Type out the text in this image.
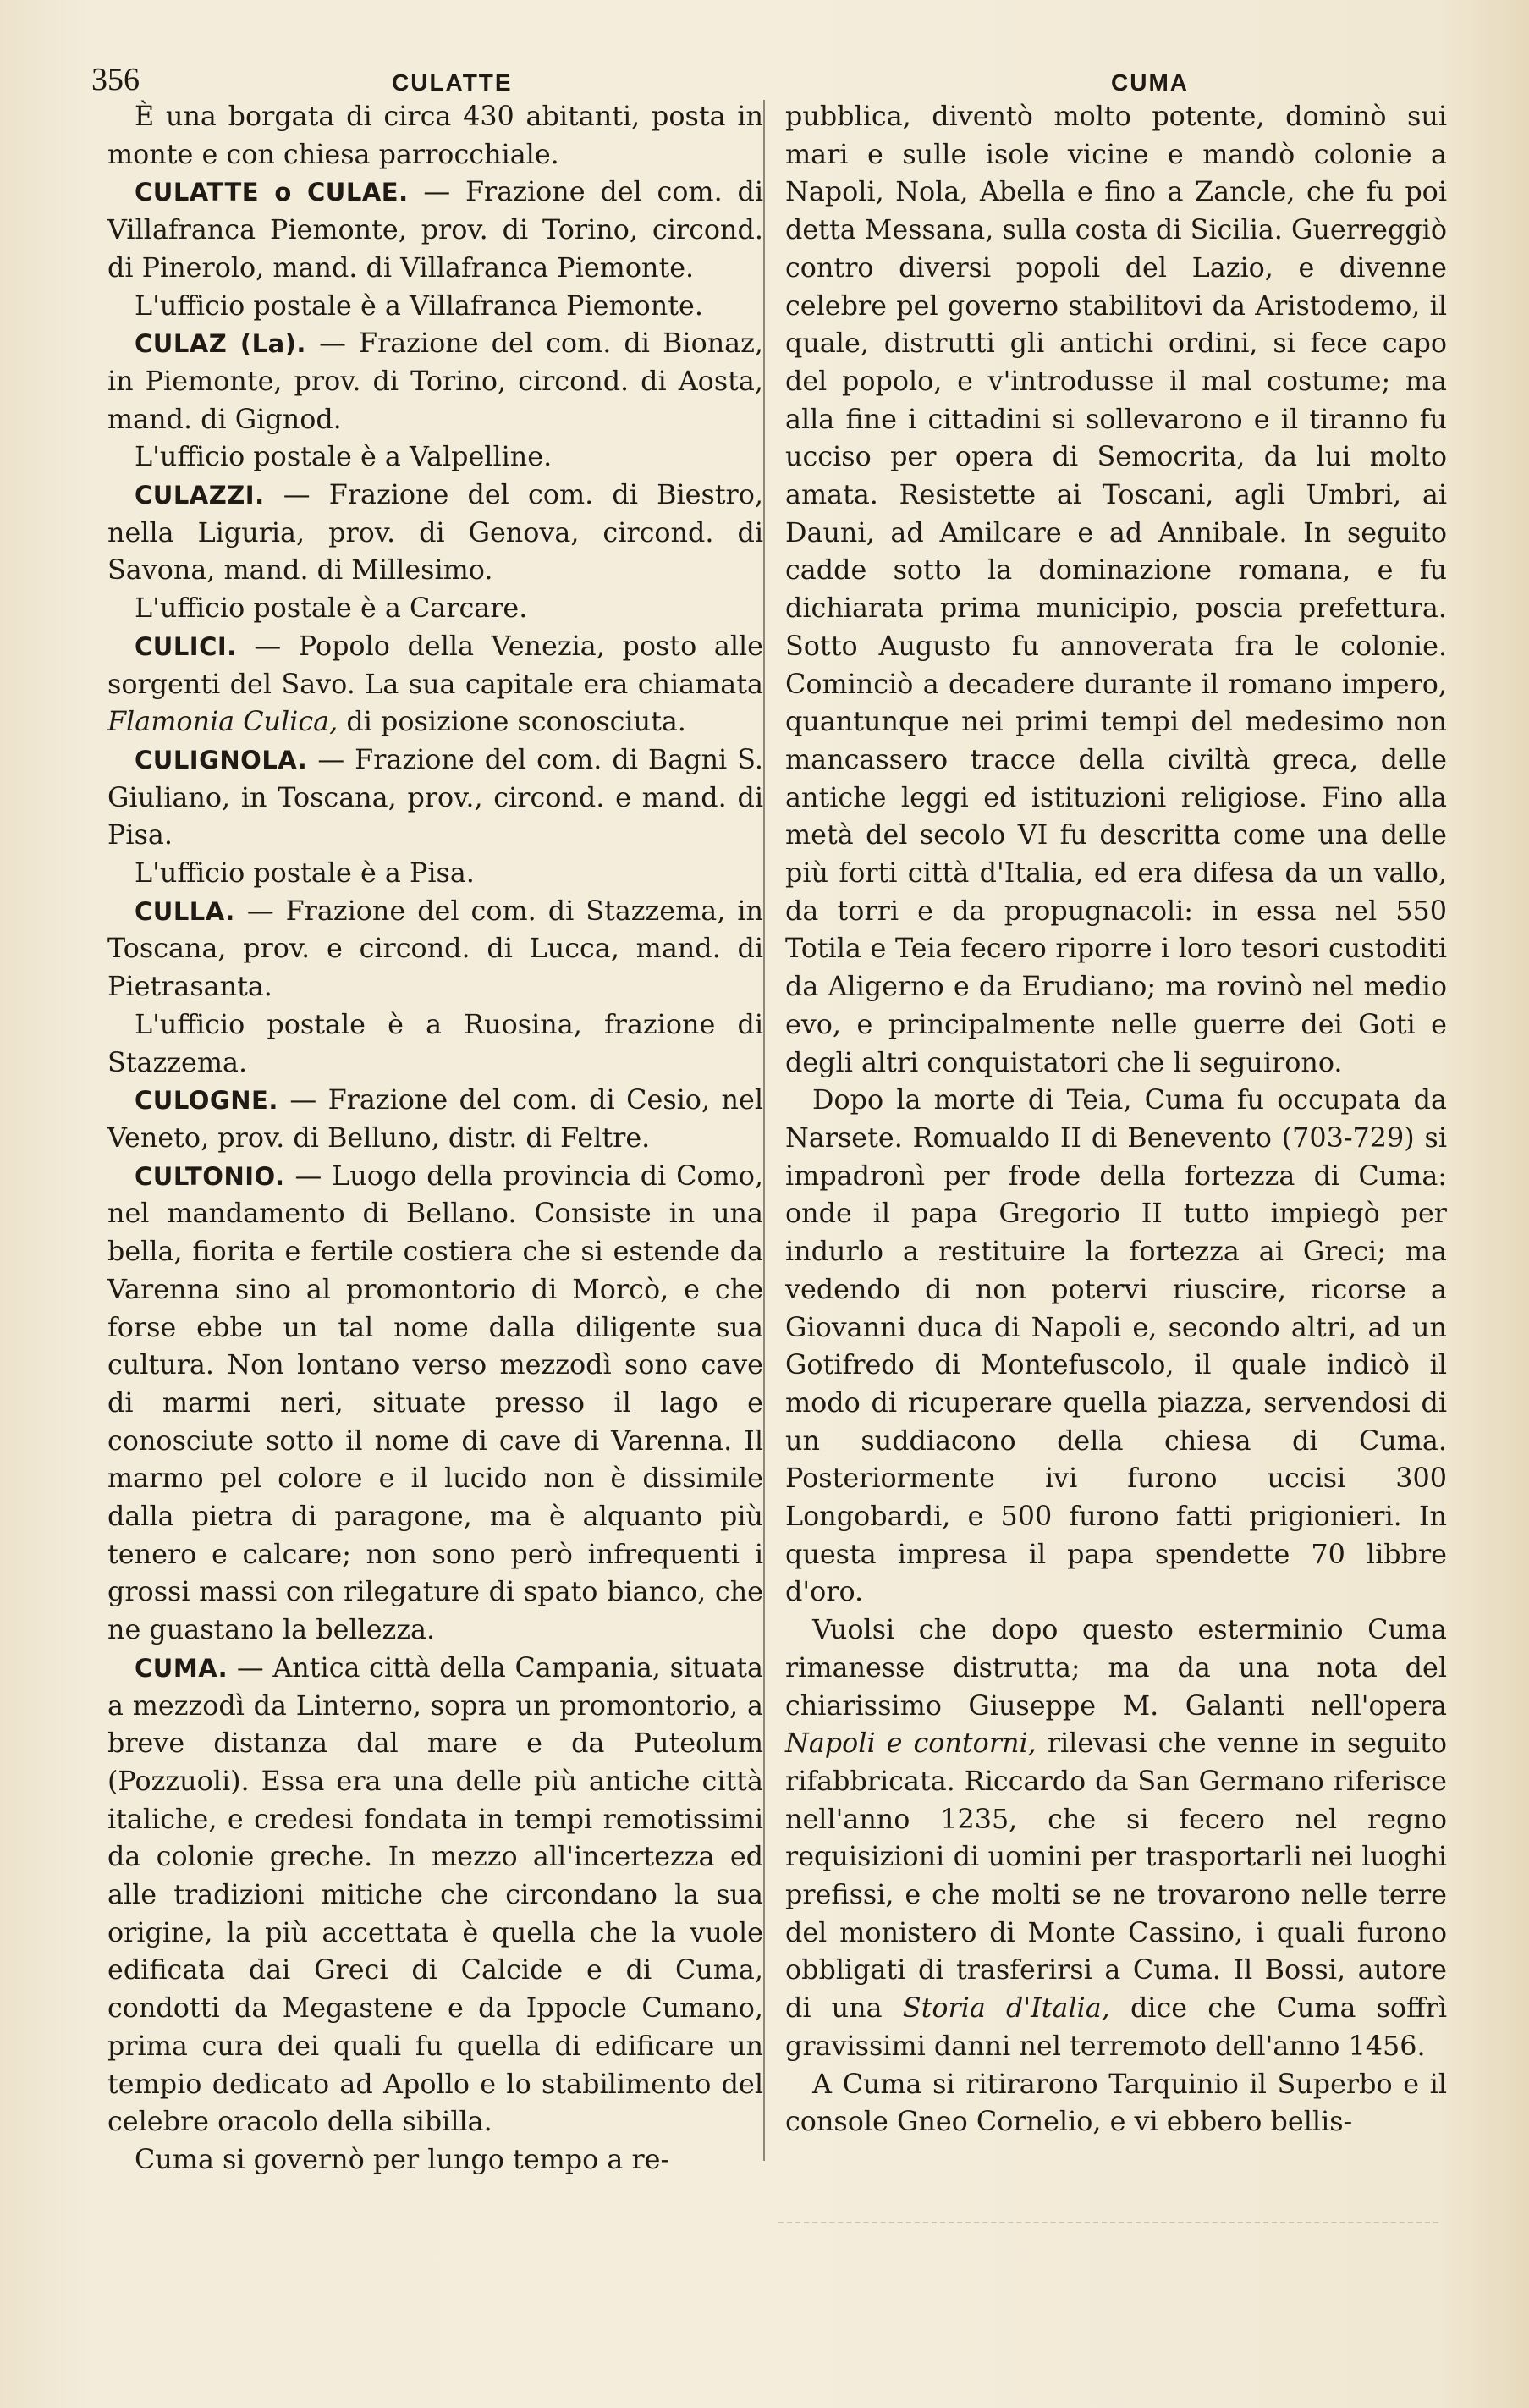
356	CULATTE	CUMA

È una borgata di circa 430 abitanti, posta in monte e con chiesa parrocchiale.

CULATTE o CULAE. — Frazione del com. di Villafranca Piemonte, prov. di Torino, circond. di Pinerolo, mand. di Villafranca Piemonte.

L'ufficio postale è a Villafranca Piemonte.

CULAZ (La). — Frazione del com. di Bionaz, in Piemonte, prov. di Torino, circond. di Aosta, mand. di Gignod.

L'ufficio postale è a Valpelline.

CULAZZI. — Frazione del com. di Biestro, nella Liguria, prov. di Genova, circond. di Savona, mand. di Millesimo.

L'ufficio postale è a Carcare.

CULICI. — Popolo della Venezia, posto alle sorgenti del Savo. La sua capitale era chiamata Flamonia Culica, di posizione sconosciuta.

CULIGNOLA. — Frazione del com. di Bagni S. Giuliano, in Toscana, prov., circond. e mand. di Pisa.

L'ufficio postale è a Pisa.

CULLA. — Frazione del com. di Stazzema, in Toscana, prov. e circond. di Lucca, mand. di Pietrasanta.

L'ufficio postale è a Ruosina, frazione di Stazzema.

CULOGNE. — Frazione del com. di Cesio, nel Veneto, prov. di Belluno, distr. di Feltre.

CULTONIO. — Luogo della provincia di Como, nel mandamento di Bellano. Consiste in una bella, fiorita e fertile costiera che si estende da Varenna sino al promontorio di Morcò, e che forse ebbe un tal nome dalla diligente sua cultura. Non lontano verso mezzodì sono cave di marmi neri, situate presso il lago e conosciute sotto il nome di cave di Varenna. Il marmo pel colore e il lucido non è dissimile dalla pietra di paragone, ma è alquanto più tenero e calcare; non sono però infrequenti i grossi massi con rilegature di spato bianco, che ne guastano la bellezza.

CUMA. — Antica città della Campania, situata a mezzodì da Linterno, sopra un promontorio, a breve distanza dal mare e da Puteolum (Pozzuoli). Essa era una delle più antiche città italiche, e credesi fondata in tempi remotissimi da colonie greche. In mezzo all'incertezza ed alle tradizioni mitiche che circondano la sua origine, la più accettata è quella che la vuole edificata dai Greci di Calcide e di Cuma, condotti da Megastene e da Ippocle Cumano, prima cura dei quali fu quella di edificare un tempio dedicato ad Apollo e lo stabilimento del celebre oracolo della sibilla.

Cuma si governò per lungo tempo a re-

pubblica, diventò molto potente, dominò sui mari e sulle isole vicine e mandò colonie a Napoli, Nola, Abella e fino a Zancle, che fu poi detta Messana, sulla costa di Sicilia. Guerreggiò contro diversi popoli del Lazio, e divenne celebre pel governo stabilitovi da Aristodemo, il quale, distrutti gli antichi ordini, si fece capo del popolo, e v'introdusse il mal costume; ma alla fine i cittadini si sollevarono e il tiranno fu ucciso per opera di Semocrita, da lui molto amata. Resistette ai Toscani, agli Umbri, ai Dauni, ad Amilcare e ad Annibale. In seguito cadde sotto la dominazione romana, e fu dichiarata prima municipio, poscia prefettura. Sotto Augusto fu annoverata fra le colonie. Cominciò a decadere durante il romano impero, quantunque nei primi tempi del medesimo non mancassero tracce della civiltà greca, delle antiche leggi ed istituzioni religiose. Fino alla metà del secolo VI fu descritta come una delle più forti città d'Italia, ed era difesa da un vallo, da torri e da propugnacoli: in essa nel 550 Totila e Teia fecero riporre i loro tesori custoditi da Aligerno e da Erudiano; ma rovinò nel medio evo, e principalmente nelle guerre dei Goti e degli altri conquistatori che li seguirono.

Dopo la morte di Teia, Cuma fu occupata da Narsete. Romualdo II di Benevento (703-729) si impadronì per frode della fortezza di Cuma: onde il papa Gregorio II tutto impiegò per indurlo a restituire la fortezza ai Greci; ma vedendo di non potervi riuscire, ricorse a Giovanni duca di Napoli e, secondo altri, ad un Gotifredo di Montefuscolo, il quale indicò il modo di ricuperare quella piazza, servendosi di un suddiacono della chiesa di Cuma. Posteriormente ivi furono uccisi 300 Longobardi, e 500 furono fatti prigionieri. In questa impresa il papa spendette 70 libbre d'oro.

Vuolsi che dopo questo esterminio Cuma rimanesse distrutta; ma da una nota del chiarissimo Giuseppe M. Galanti nell'opera Napoli e contorni, rilevasi che venne in seguito rifabbricata. Riccardo da San Germano riferisce nell'anno 1235, che si fecero nel regno requisizioni di uomini per trasportarli nei luoghi prefissi, e che molti se ne trovarono nelle terre del monistero di Monte Cassino, i quali furono obbligati di trasferirsi a Cuma. Il Bossi, autore di una Storia d'Italia, dice che Cuma soffrì gravissimi danni nel terremoto dell'anno 1456.

A Cuma si ritirarono Tarquinio il Superbo e il console Gneo Cornelio, e vi ebbero bellis-
